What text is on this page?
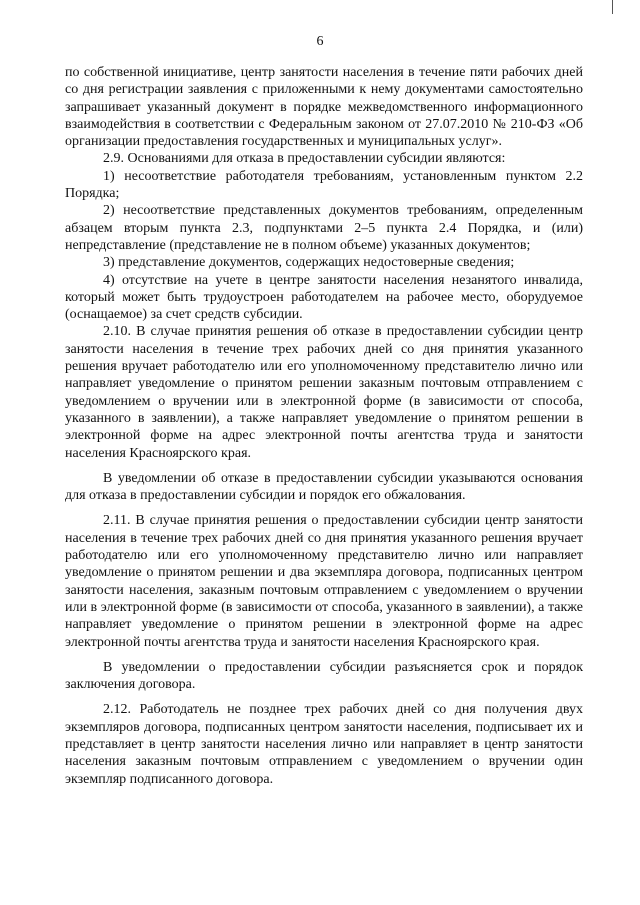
6

по собственной инициативе, центр занятости населения в течение пяти рабочих дней со дня регистрации заявления с приложенными к нему документами самостоятельно запрашивает указанный документ в порядке межведомственного информационного взаимодействия в соответствии с Федеральным законом от 27.07.2010 № 210-ФЗ «Об организации предоставления государственных и муниципальных услуг».

2.9. Основаниями для отказа в предоставлении субсидии являются:

1) несоответствие работодателя требованиям, установленным пунктом 2.2 Порядка;

2) несоответствие представленных документов требованиям, определенным абзацем вторым пункта 2.3, подпунктами 2–5 пункта 2.4 Порядка, и (или) непредставление (представление не в полном объеме) указанных документов;

3) представление документов, содержащих недостоверные сведения;

4) отсутствие на учете в центре занятости населения незанятого инвалида, который может быть трудоустроен работодателем на рабочее место, оборудуемое (оснащаемое) за счет средств субсидии.

2.10. В случае принятия решения об отказе в предоставлении субсидии центр занятости населения в течение трех рабочих дней со дня принятия указанного решения вручает работодателю или его уполномоченному представителю лично или направляет уведомление о принятом решении заказным почтовым отправлением с уведомлением о вручении или в электронной форме (в зависимости от способа, указанного в заявлении), а также направляет уведомление о принятом решении в электронной форме на адрес электронной почты агентства труда и занятости населения Красноярского края.

В уведомлении об отказе в предоставлении субсидии указываются основания для отказа в предоставлении субсидии и порядок его обжалования.

2.11. В случае принятия решения о предоставлении субсидии центр занятости населения в течение трех рабочих дней со дня принятия указанного решения вручает работодателю или его уполномоченному представителю лично или направляет уведомление о принятом решении и два экземпляра договора, подписанных центром занятости населения, заказным почтовым отправлением с уведомлением о вручении или в электронной форме (в зависимости от способа, указанного в заявлении), а также направляет уведомление о принятом решении в электронной форме на адрес электронной почты агентства труда и занятости населения Красноярского края.

В уведомлении о предоставлении субсидии разъясняется срок и порядок заключения договора.

2.12. Работодатель не позднее трех рабочих дней со дня получения двух экземпляров договора, подписанных центром занятости населения, подписывает их и представляет в центр занятости населения лично или направляет в центр занятости населения заказным почтовым отправлением с уведомлением о вручении один экземпляр подписанного договора.
